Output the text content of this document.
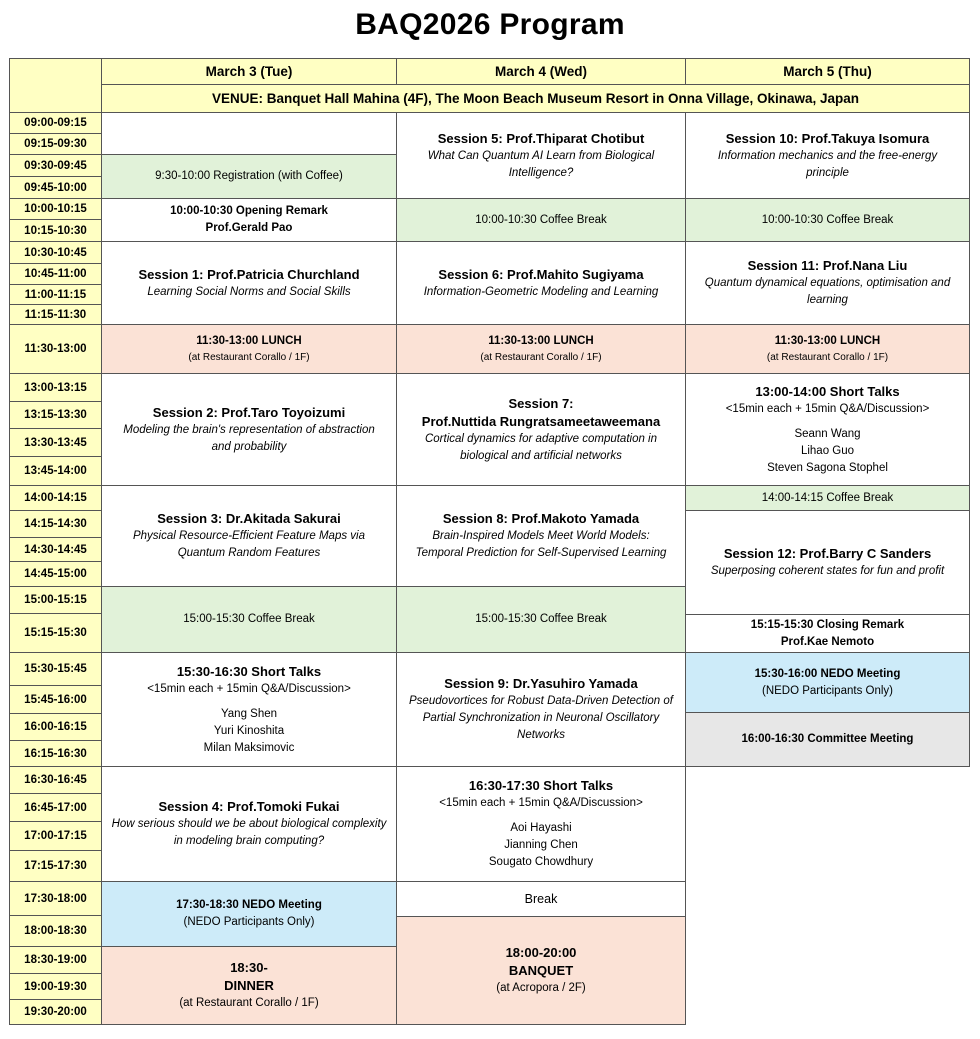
BAQ2026 Program
March 3 (Tue)	March 4 (Wed)	March 5 (Thu)
VENUE: Banquet Hall Mahina (4F), The Moon Beach Museum Resort in Onna Village, Okinawa, Japan
09:00-09:15
09:15-09:30
09:30-09:45
09:45-10:00
10:00-10:15
10:15-10:30
10:30-10:45
10:45-11:00
11:00-11:15
11:15-11:30
11:30-13:00
13:00-13:15
13:15-13:30
13:30-13:45
13:45-14:00
14:00-14:15
14:15-14:30
14:30-14:45
14:45-15:00
15:00-15:15
15:15-15:30
15:30-15:45
15:45-16:00
16:00-16:15
16:15-16:30
16:30-16:45
16:45-17:00
17:00-17:15
17:15-17:30
17:30-18:00
18:00-18:30
18:30-19:00
19:00-19:30
19:30-20:00
9:30-10:00 Registration (with Coffee)
10:00-10:30 Opening Remark
Prof.Gerald Pao
Session 1: Prof.Patricia Churchland
Learning Social Norms and Social Skills
11:30-13:00 LUNCH
(at Restaurant Corallo / 1F)
Session 2: Prof.Taro Toyoizumi
Modeling the brain's representation of abstraction
and probability
Session 3: Dr.Akitada Sakurai
Physical Resource-Efficient Feature Maps via
Quantum Random Features
15:00-15:30 Coffee Break
15:30-16:30 Short Talks
<15min each + 15min Q&A/Discussion>
Yang Shen
Yuri Kinoshita
Milan Maksimovic
Session 4: Prof.Tomoki Fukai
How serious should we be about biological complexity
in modeling brain computing?
17:30-18:30 NEDO Meeting
(NEDO Participants Only)
18:30-
DINNER
(at Restaurant Corallo / 1F)
Session 5: Prof.Thiparat Chotibut
What Can Quantum AI Learn from Biological
Intelligence?
10:00-10:30 Coffee Break
Session 6: Prof.Mahito Sugiyama
Information-Geometric Modeling and Learning
11:30-13:00 LUNCH
(at Restaurant Corallo / 1F)
Session 7:
Prof.Nuttida Rungratsameetaweemana
Cortical dynamics for adaptive computation in
biological and artificial networks
Session 8: Prof.Makoto Yamada
Brain-Inspired Models Meet World Models:
Temporal Prediction for Self-Supervised Learning
15:00-15:30 Coffee Break
Session 9: Dr.Yasuhiro Yamada
Pseudovortices for Robust Data-Driven Detection of
Partial Synchronization in Neuronal Oscillatory
Networks
16:30-17:30 Short Talks
<15min each + 15min Q&A/Discussion>
Aoi Hayashi
Jianning Chen
Sougato Chowdhury
Break
18:00-20:00
BANQUET
(at Acropora / 2F)
Session 10: Prof.Takuya Isomura
Information mechanics and the free-energy
principle
10:00-10:30 Coffee Break
Session 11: Prof.Nana Liu
Quantum dynamical equations, optimisation and
learning
11:30-13:00 LUNCH
(at Restaurant Corallo / 1F)
13:00-14:00 Short Talks
<15min each + 15min Q&A/Discussion>
Seann Wang
Lihao Guo
Steven Sagona Stophel
14:00-14:15 Coffee Break
Session 12: Prof.Barry C Sanders
Superposing coherent states for fun and profit
15:15-15:30 Closing Remark
Prof.Kae Nemoto
15:30-16:00 NEDO Meeting
(NEDO Participants Only)
16:00-16:30 Committee Meeting
